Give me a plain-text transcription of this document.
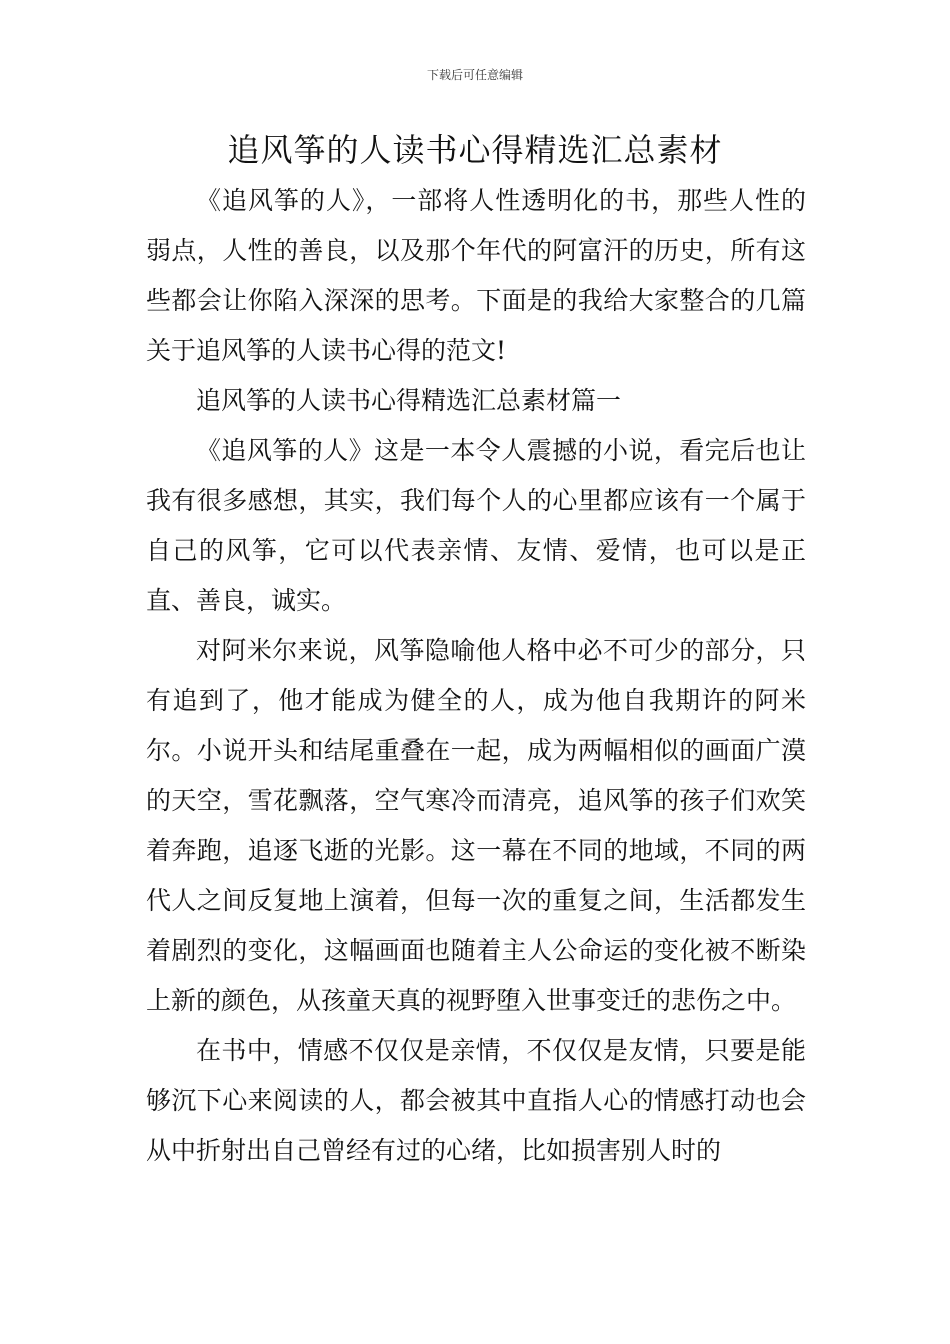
下载后可任意编辑
追风筝的人读书心得精选汇总素材

《追风筝的人》，一部将人性透明化的书，那些人性的弱点，人性的善良，以及那个年代的阿富汗的历史，所有这些都会让你陷入深深的思考。下面是的我给大家整合的几篇关于追风筝的人读书心得的范文!

追风筝的人读书心得精选汇总素材篇一

《追风筝的人》这是一本令人震撼的小说，看完后也让我有很多感想，其实，我们每个人的心里都应该有一个属于自己的风筝，它可以代表亲情、友情、爱情，也可以是正直、善良，诚实。

对阿米尔来说，风筝隐喻他人格中必不可少的部分，只有追到了，他才能成为健全的人，成为他自我期许的阿米尔。小说开头和结尾重叠在一起，成为两幅相似的画面广漠的天空，雪花飘落，空气寒冷而清亮，追风筝的孩子们欢笑着奔跑，追逐飞逝的光影。这一幕在不同的地域，不同的两代人之间反复地上演着，但每一次的重复之间，生活都发生着剧烈的变化，这幅画面也随着主人公命运的变化被不断染上新的颜色，从孩童天真的视野堕入世事变迁的悲伤之中。

在书中，情感不仅仅是亲情，不仅仅是友情，只要是能够沉下心来阅读的人，都会被其中直指人心的情感打动也会从中折射出自己曾经有过的心绪，比如损害别人时的
